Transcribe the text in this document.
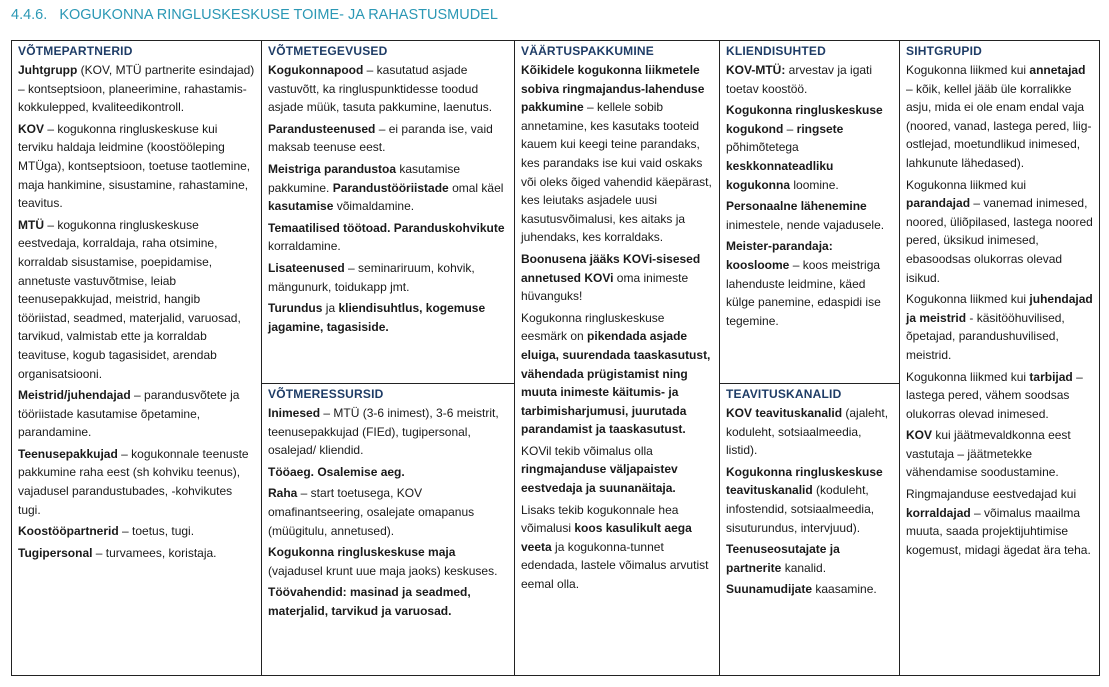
4.4.6. KOGUKONNA RINGLUSKESKUSE TOIME- JA RAHASTUSMUDEL
VÕTMEPARTNERID

Juhtgrupp (KOV, MTÜ partnerite esindajad) – kontseptsioon, planeerimine, rahastamis-kokkulepped, kvaliteedikontroll.

KOV – kogukonna ringluskeskuse kui terviku haldaja leidmine (koostööleping MTÜga), kontseptsioon, toetuse taotlemine, maja hankimine, sisustamine, rahastamine, teavitus.

MTÜ – kogukonna ringluskeskuse eestvedaja, korraldaja, raha otsimine, korraldab sisustamise, poepidamise, annetuste vastuvõtmise, leiab teenusepakkujad, meistrid, hangib tööriistad, seadmed, materjalid, varuosad, tarvikud, valmistab ette ja korraldab teavituse, kogub tagasisidet, arendab organisatsiooni.

Meistrid/juhendajad – parandusvõtete ja tööriistade kasutamise õpetamine, parandamine.

Teenusepakkujad – kogukonnale teenuste pakkumine raha eest (sh kohviku teenus), vajadusel parandustubades, -kohvikutes tugi.

Koostööpartnerid – toetus, tugi.

Tugipersonal – turvamees, koristaja.

VÕTMETEGEVUSED

Kogukonnapood – kasutatud asjade vastuvõtt, ka ringluspunktidesse toodud asjade müük, tasuta pakkumine, laenutus.

Parandusteenused – ei paranda ise, vaid maksab teenuse eest.

Meistriga parandustoa kasutamise pakkumine. Parandustööriistade omal käel kasutamise võimaldamine.

Temaatilised töötoad. Paranduskohvikute korraldamine.

Lisateenused – seminariruum, kohvik, mängunurk, toidukapp jmt.

Turundus ja kliendisuhtlus, kogemuse jagamine, tagasiside.

VÕTMERESSURSID

Inimesed – MTÜ (3-6 inimest), 3-6 meistrit, teenusepakkujad (FIEd), tugipersonal, osalejad/ kliendid.

Tööaeg. Osalemise aeg.

Raha – start toetusega, KOV omafinantseering, osalejate omapanus (müügitulu, annetused).

Kogukonna ringluskeskuse maja (vajadusel krunt uue maja jaoks) keskuses.

Töövahendid: masinad ja seadmed, materjalid, tarvikud ja varuosad.

VÄÄRTUSPAKKUMINE

Kõikidele kogukonna liikmetele sobiva ringmajandus-lahenduse pakkumine – kellele sobib annetamine, kes kasutaks tooteid kauem kui keegi teine parandaks, kes parandaks ise kui vaid oskaks või oleks õiged vahendid käepärast, kes leiutaks asjadele uusi kasutusvõimalusi, kes aitaks ja juhendaks, kes korraldaks.

Boonusena jääks KOVi-sisesed annetused KOVi oma inimeste hüvanguks!

Kogukonna ringluskeskuse eesmärk on pikendada asjade eluiga, suurendada taaskasutust, vähendada prügistamist ning muuta inimeste käitumis- ja tarbimisharjumusi, juurutada parandamist ja taaskasutust.

KOVil tekib võimalus olla ringmajanduse väljapaistev eestvedaja ja suunanäitaja.

Lisaks tekib kogukonnale hea võimalusi koos kasulikult aega veeta ja kogukonna-tunnet edendada, lastele võimalus arvutist eemal olla.

KLIENDISUHTED

KOV-MTÜ: arvestav ja igati toetav koostöö.

Kogukonna ringluskeskuse kogukond – ringsete põhimõtetega keskkonnateadliku kogukonna loomine.

Personaalne lähenemine inimestele, nende vajadusele.

Meister-parandaja: koosloome – koos meistriga lahenduste leidmine, käed külge panemine, edaspidi ise tegemine.

TEAVITUSKANALID

KOV teavituskanalid (ajaleht, koduleht, sotsiaalmeedia, listid).

Kogukonna ringluskeskuse teavituskanalid (koduleht, infostendid, sotsiaalmeedia, sisuturundus, intervjuud).

Teenuseosutajate ja partnerite kanalid.

Suunamudijate kaasamine.

SIHTGRUPID

Kogukonna liikmed kui annetajad – kõik, kellel jääb üle korralikke asju, mida ei ole enam endal vaja (noored, vanad, lastega pered, liig-ostlejad, moetundlikud inimesed, lahkunute lähedased).

Kogukonna liikmed kui parandajad – vanemad inimesed, noored, üliõpilased, lastega noored pered, üksikud inimesed, ebasoodsas olukorras olevad isikud.

Kogukonna liikmed kui juhendajad ja meistrid - käsitööhuvilised, õpetajad, parandushuvilised, meistrid.

Kogukonna liikmed kui tarbijad – lastega pered, vähem soodsas olukorras olevad inimesed.

KOV kui jäätmevaldkonna eest vastutaja – jäätmetekke vähendamise soodustamine.

Ringmajanduse eestvedajad kui korraldajad – võimalus maailma muuta, saada projektijuhtimise kogemust, midagi ägedat ära teha.
